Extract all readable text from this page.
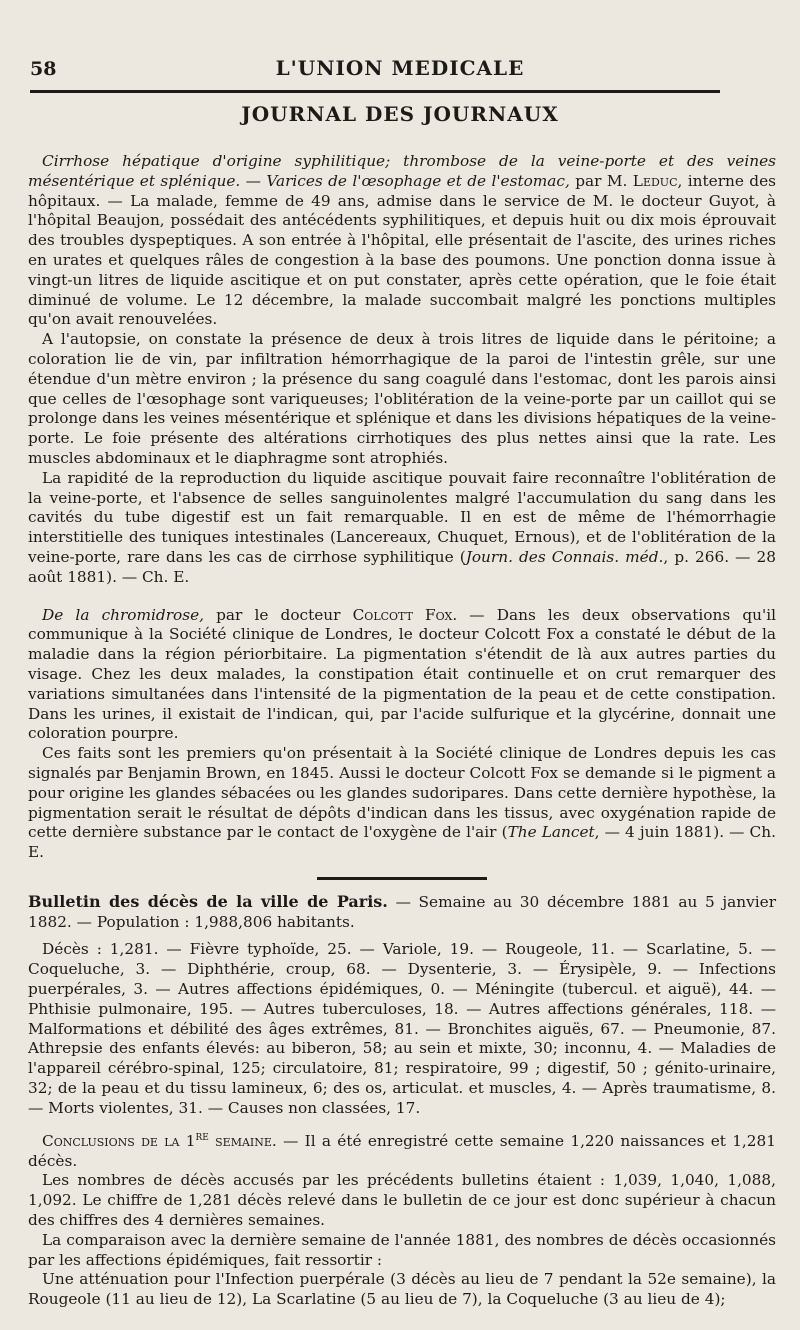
58	L'UNION MEDICALE
JOURNAL DES JOURNAUX

Cirrhose hépatique d'origine syphilitique; thrombose de la veine-porte et des veines mésentérique et splénique. — Varices de l'œsophage et de l'estomac, par M. Leduc, interne des hôpitaux. — La malade, femme de 49 ans, admise dans le service de M. le docteur Guyot, à l'hôpital Beaujon, possédait des antécédents syphilitiques, et depuis huit ou dix mois éprouvait des troubles dyspeptiques. A son entrée à l'hôpital, elle présentait de l'ascite, des urines riches en urates et quelques râles de congestion à la base des poumons. Une ponction donna issue à vingt-un litres de liquide ascitique et on put constater, après cette opération, que le foie était diminué de volume. Le 12 décembre, la malade succombait malgré les ponctions multiples qu'on avait renouvelées.

A l'autopsie, on constate la présence de deux à trois litres de liquide dans le péritoine; a coloration lie de vin, par infiltration hémorrhagique de la paroi de l'intestin grêle, sur une étendue d'un mètre environ ; la présence du sang coagulé dans l'estomac, dont les parois ainsi que celles de l'œsophage sont variqueuses; l'oblitération de la veine-porte par un caillot qui se prolonge dans les veines mésentérique et splénique et dans les divisions hépatiques de la veine-porte. Le foie présente des altérations cirrhotiques des plus nettes ainsi que la rate. Les muscles abdominaux et le diaphragme sont atrophiés.

La rapidité de la reproduction du liquide ascitique pouvait faire reconnaître l'oblitération de la veine-porte, et l'absence de selles sanguinolentes malgré l'accumulation du sang dans les cavités du tube digestif est un fait remarquable. Il en est de même de l'hémorrhagie interstitielle des tuniques intestinales (Lancereaux, Chuquet, Ernous), et de l'oblitération de la veine-porte, rare dans les cas de cirrhose syphilitique (Journ. des Connais. méd., p. 266. — 28 août 1881). — Ch. E.

De la chromidrose, par le docteur Colcott Fox. — Dans les deux observations qu'il communique à la Société clinique de Londres, le docteur Colcott Fox a constaté le début de la maladie dans la région périorbitaire. La pigmentation s'étendit de là aux autres parties du visage. Chez les deux malades, la constipation était continuelle et on crut remarquer des variations simultanées dans l'intensité de la pigmentation de la peau et de cette constipation. Dans les urines, il existait de l'indican, qui, par l'acide sulfurique et la glycérine, donnait une coloration pourpre.

Ces faits sont les premiers qu'on présentait à la Société clinique de Londres depuis les cas signalés par Benjamin Brown, en 1845. Aussi le docteur Colcott Fox se demande si le pigment a pour origine les glandes sébacées ou les glandes sudoripares. Dans cette dernière hypothèse, la pigmentation serait le résultat de dépôts d'indican dans les tissus, avec oxygénation rapide de cette dernière substance par le contact de l'oxygène de l'air (The Lancet, — 4 juin 1881). — Ch. E.

Bulletin des décès de la ville de Paris. — Semaine au 30 décembre 1881 au 5 janvier 1882. — Population : 1,988,806 habitants.

Décès : 1,281. — Fièvre typhoïde, 25. — Variole, 19. — Rougeole, 11. — Scarlatine, 5. — Coqueluche, 3. — Diphthérie, croup, 68. — Dysenterie, 3. — Érysipèle, 9. — Infections puerpérales, 3. — Autres affections épidémiques, 0. — Méningite (tubercul. et aiguë), 44. — Phthisie pulmonaire, 195. — Autres tuberculoses, 18. — Autres affections générales, 118. — Malformations et débilité des âges extrêmes, 81. — Bronchites aiguës, 67. — Pneumonie, 87. Athrepsie des enfants élevés: au biberon, 58; au sein et mixte, 30; inconnu, 4. — Maladies de l'appareil cérébro-spinal, 125; circulatoire, 81; respiratoire, 99 ; digestif, 50 ; génito-urinaire, 32; de la peau et du tissu lamineux, 6; des os, articulat. et muscles, 4. — Après traumatisme, 8. — Morts violentes, 31. — Causes non classées, 17.

Conclusions de la 1re semaine. — Il a été enregistré cette semaine 1,220 naissances et 1,281 décès.

Les nombres de décès accusés par les précédents bulletins étaient : 1,039, 1,040, 1,088, 1,092. Le chiffre de 1,281 décès relevé dans le bulletin de ce jour est donc supérieur à chacun des chiffres des 4 dernières semaines.

La comparaison avec la dernière semaine de l'année 1881, des nombres de décès occasionnés par les affections épidémiques, fait ressortir :

Une atténuation pour l'Infection puerpérale (3 décès au lieu de 7 pendant la 52e semaine), la Rougeole (11 au lieu de 12), La Scarlatine (5 au lieu de 7), la Coqueluche (3 au lieu de 4);
